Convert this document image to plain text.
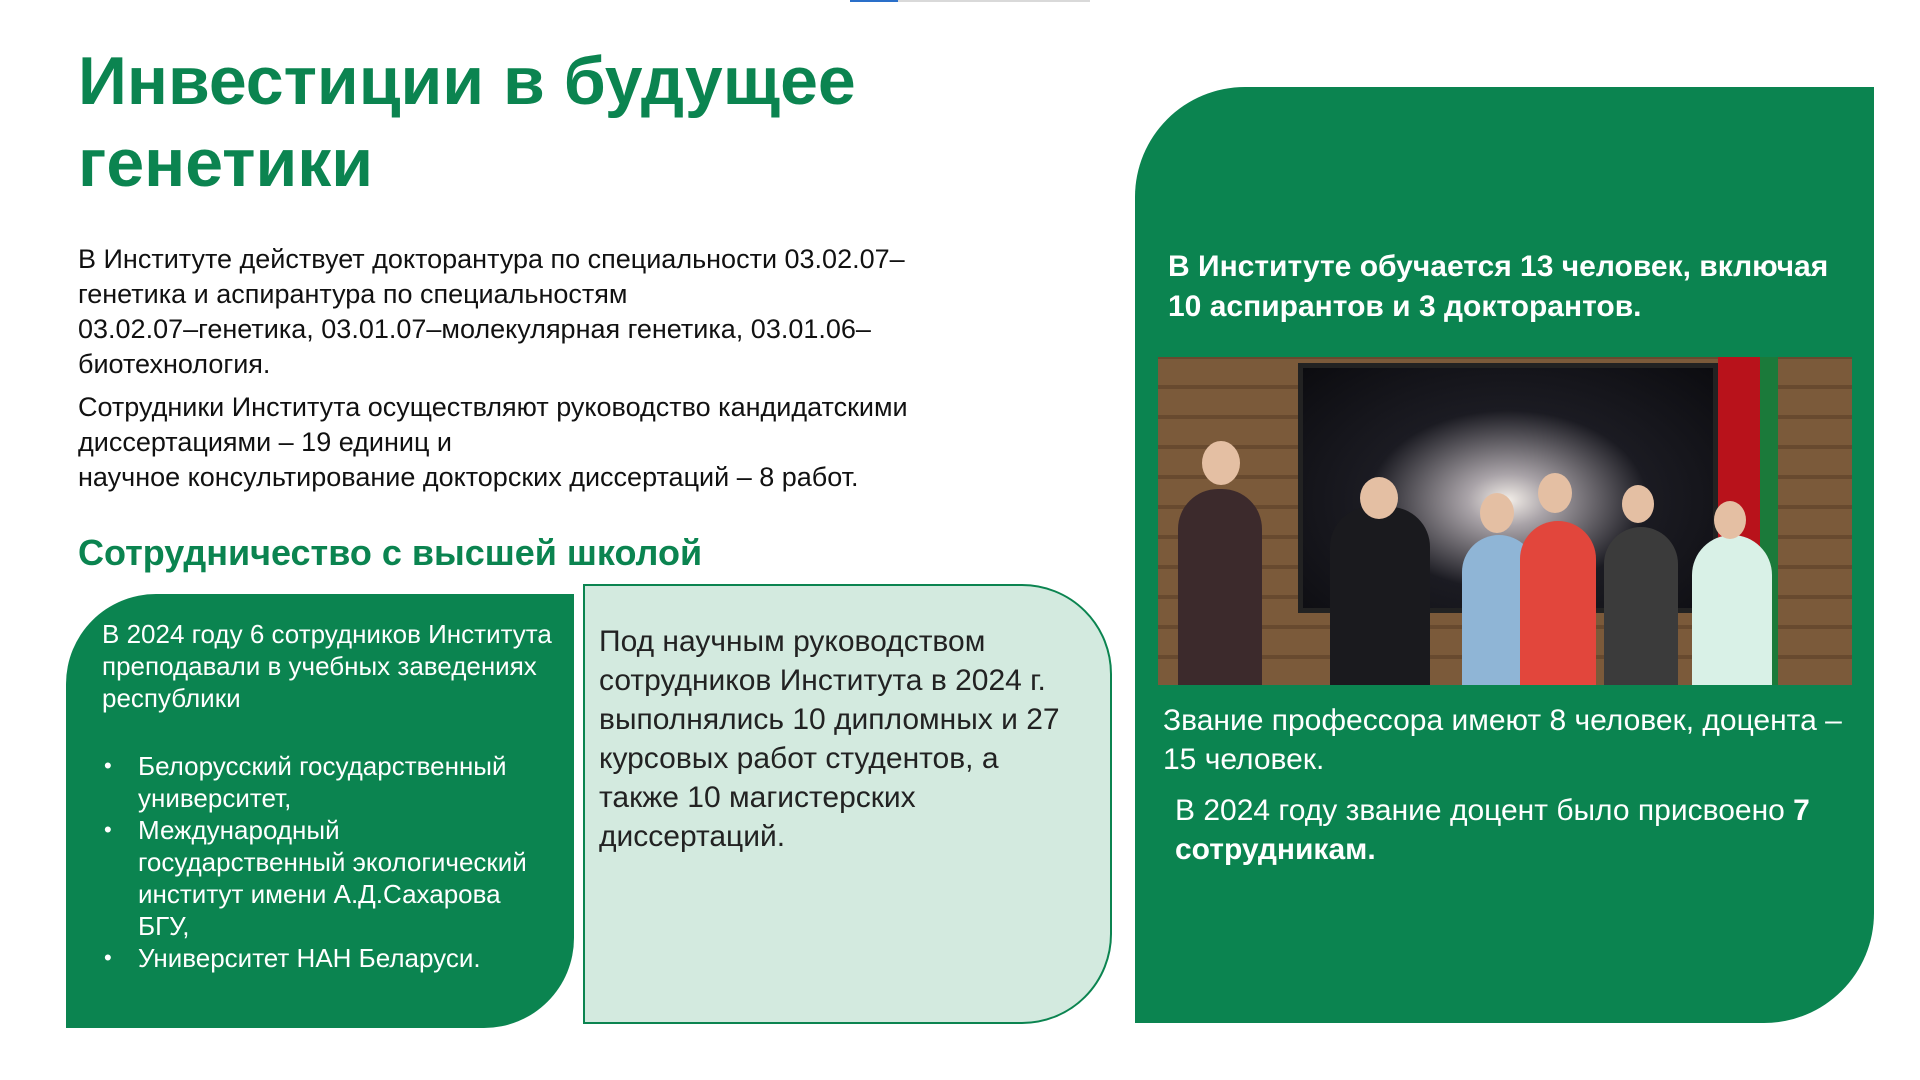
Инвестиции в будущее генетики

В Институте действует докторантура по специальности 03.02.07–
генетика и аспирантура по специальностям
03.02.07–генетика, 03.01.07–молекулярная генетика, 03.01.06–
биотехнология.

Сотрудники Института осуществляют руководство кандидатскими
диссертациями – 19 единиц и
научное консультирование докторских диссертаций – 8 работ.

Сотрудничество с высшей школой

В 2024 году 6 сотрудников Института преподавали в учебных заведениях республики

• Белорусский государственный университет,
• Международный государственный экологический институт имени А.Д.Сахарова БГУ,
• Университет НАН Беларуси.

Под научным руководством сотрудников Института в 2024 г. выполнялись 10 дипломных и 27 курсовых работ студентов, а также 10 магистерских диссертаций.

В Институте обучается 13 человек, включая 10 аспирантов и 3 докторантов.

Звание профессора имеют 8 человек, доцента – 15 человек.

В 2024 году звание доцент было присвоено 7 сотрудникам.
